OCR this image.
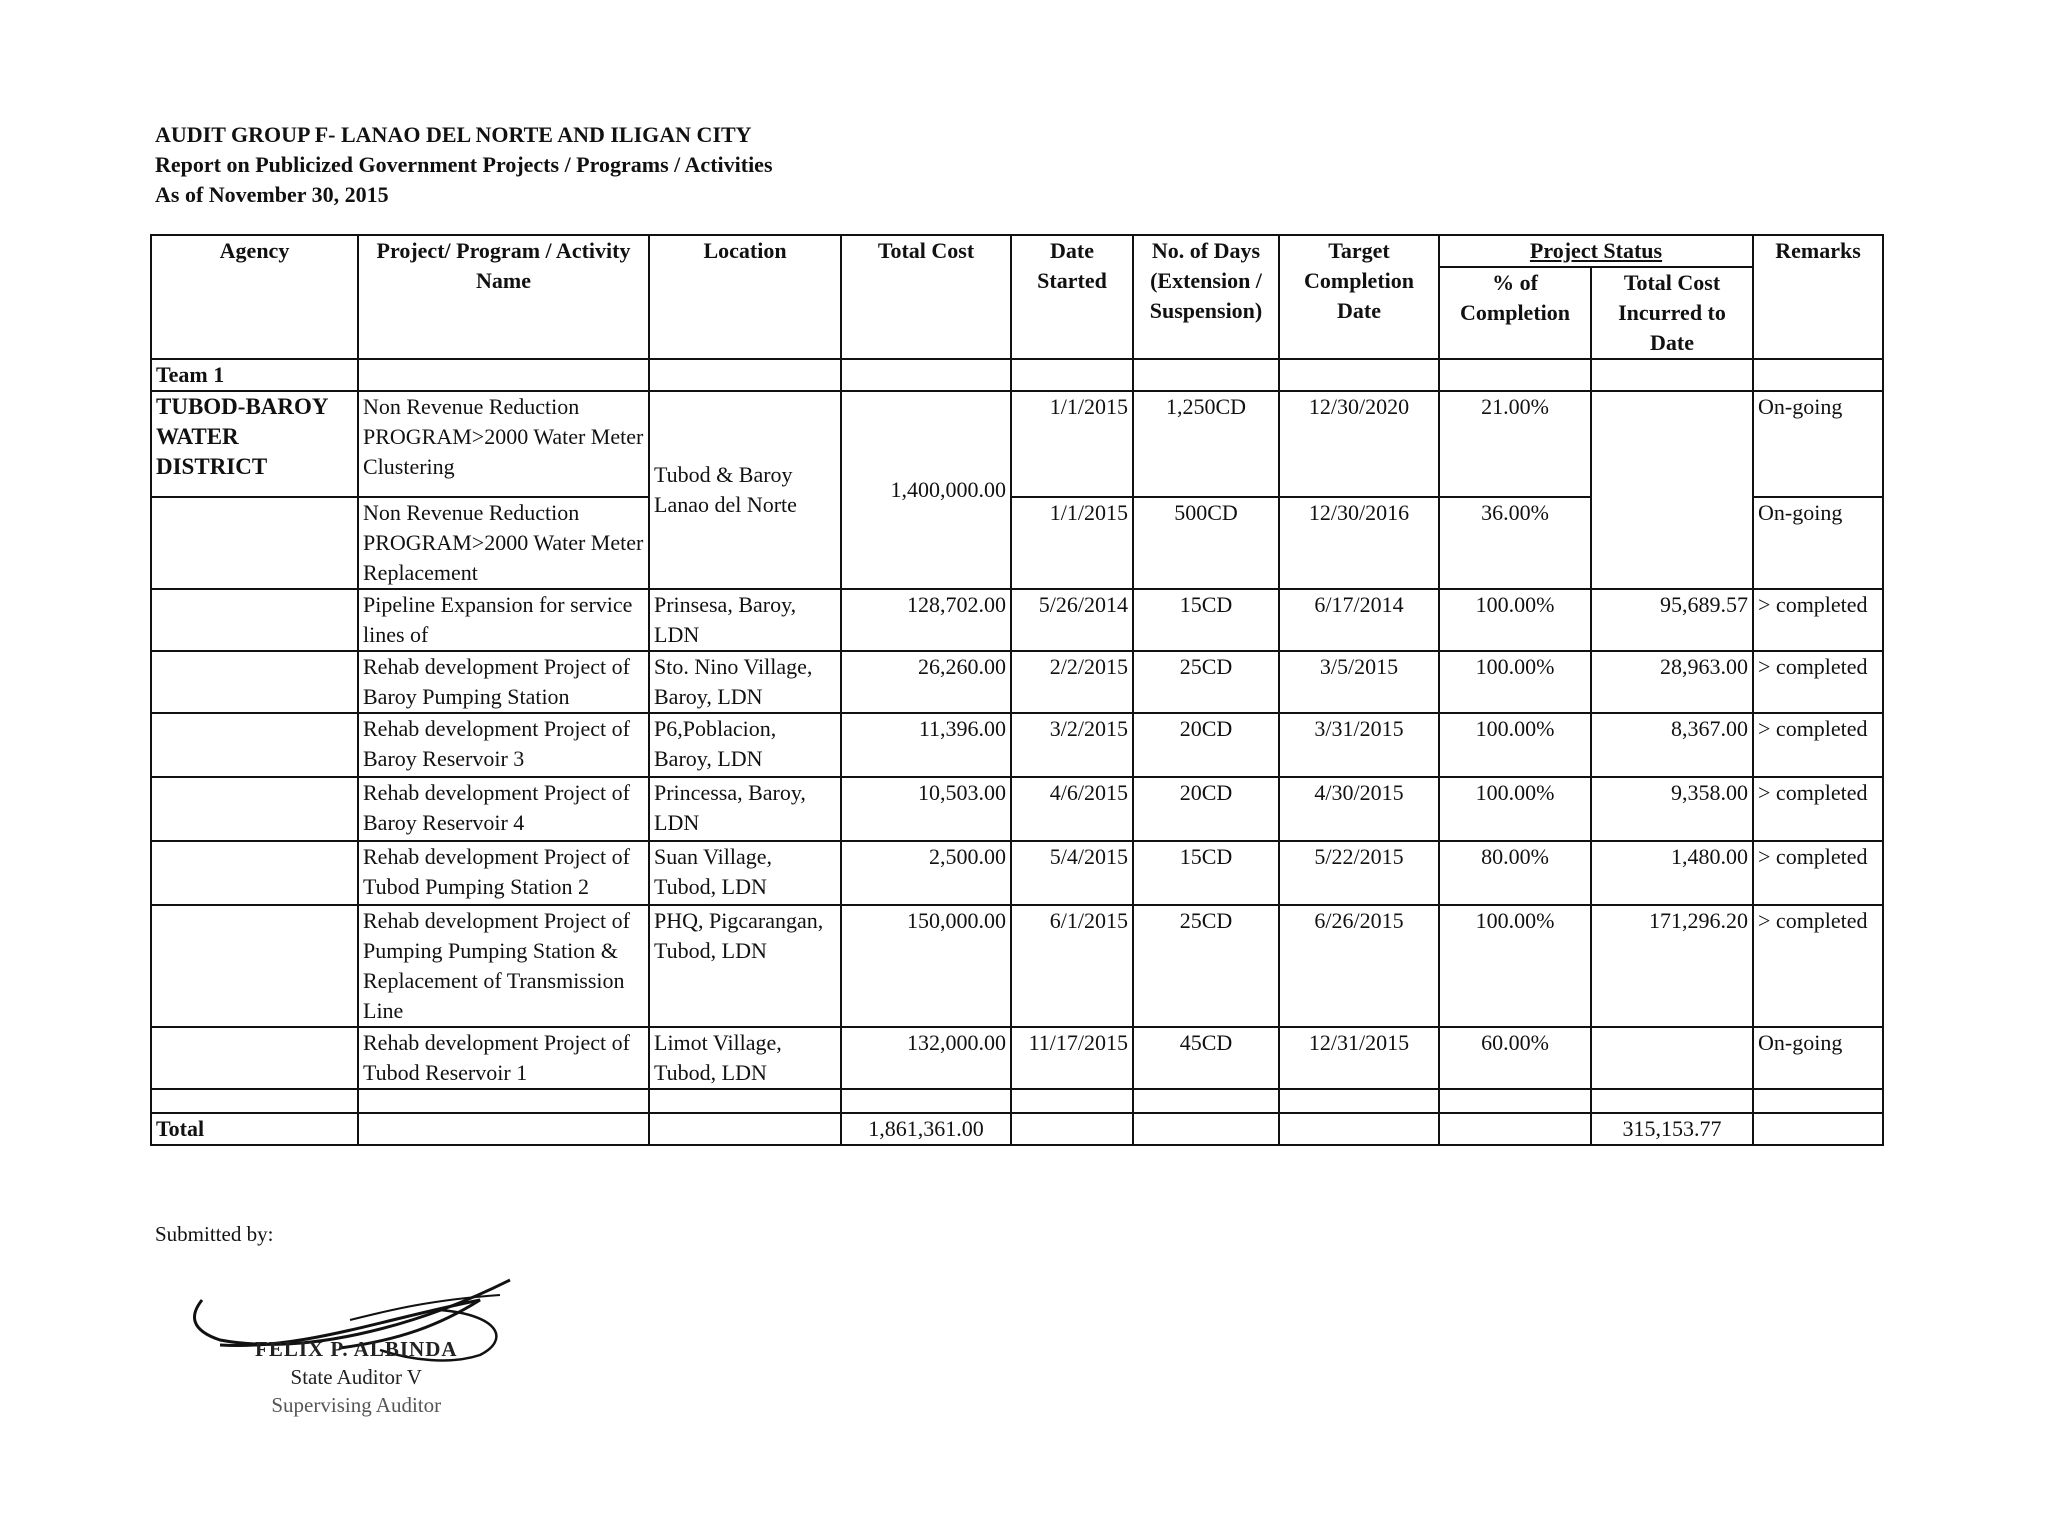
AUDIT GROUP F- LANAO DEL NORTE AND ILIGAN CITY
Report on Publicized Government Projects / Programs / Activities
As of November 30, 2015
Agency	Project/ Program / Activity Name	Location	Total Cost	Date Started	No. of Days (Extension / Suspension)	Target Completion Date	Project Status		Remarks
							% of Completion	Total Cost Incurred to Date	
Team 1									
TUBOD-BAROY WATER DISTRICT	Non Revenue Reduction PROGRAM>2000 Water Meter Clustering	Tubod & Baroy Lanao del Norte	1,400,000.00	1/1/2015	1,250CD	12/30/2020	21.00%		On-going
	Non Revenue Reduction PROGRAM>2000 Water Meter Replacement			1/1/2015	500CD	12/30/2016	36.00%		On-going
	Pipeline Expansion for service lines of	Prinsesa, Baroy, LDN	128,702.00	5/26/2014	15CD	6/17/2014	100.00%	95,689.57	> completed
	Rehab development Project of Baroy Pumping Station	Sto. Nino Village, Baroy, LDN	26,260.00	2/2/2015	25CD	3/5/2015	100.00%	28,963.00	> completed
	Rehab development Project of Baroy Reservoir 3	P6,Poblacion, Baroy, LDN	11,396.00	3/2/2015	20CD	3/31/2015	100.00%	8,367.00	> completed
	Rehab development Project of Baroy Reservoir 4	Princessa, Baroy, LDN	10,503.00	4/6/2015	20CD	4/30/2015	100.00%	9,358.00	> completed
	Rehab development Project of Tubod Pumping Station 2	Suan Village, Tubod, LDN	2,500.00	5/4/2015	15CD	5/22/2015	80.00%	1,480.00	> completed
	Rehab development Project of Pumping Pumping Station & Replacement of Transmission Line	PHQ, Pigcarangan, Tubod, LDN	150,000.00	6/1/2015	25CD	6/26/2015	100.00%	171,296.20	> completed
	Rehab development Project of Tubod Reservoir 1	Limot Village, Tubod, LDN	132,000.00	11/17/2015	45CD	12/31/2015	60.00%		On-going

Total			1,861,361.00					315,153.77	
Submitted by:
FELIX P. ALBINDA
State Auditor V
Supervising Auditor
